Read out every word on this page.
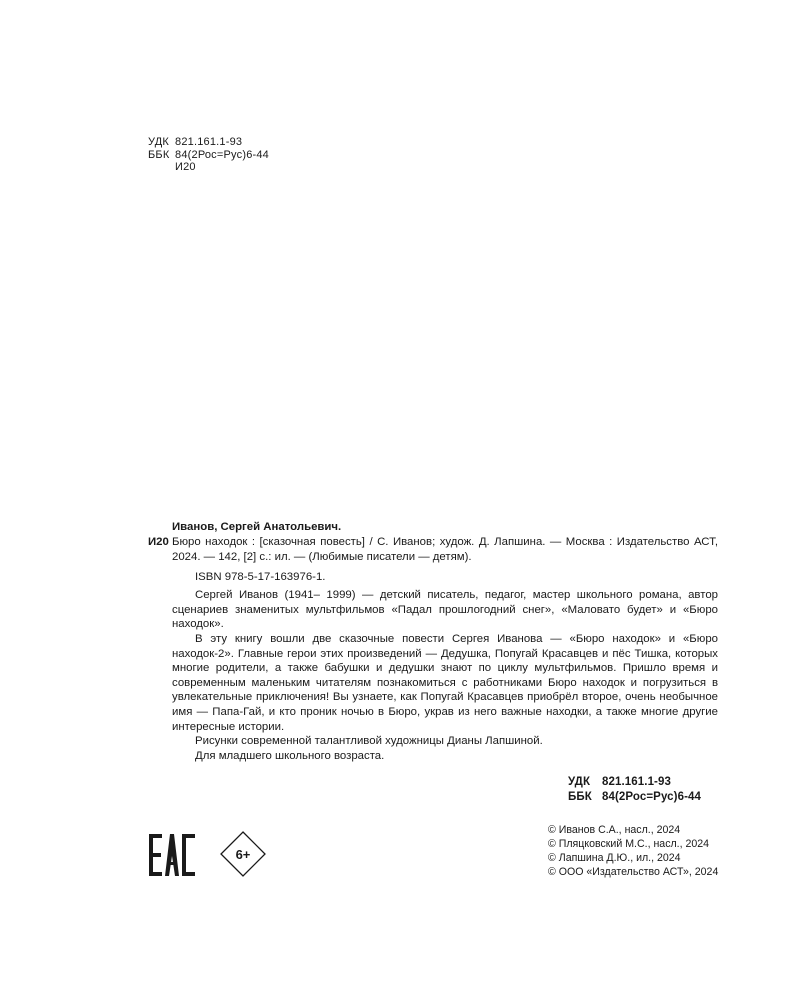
УДК 821.161.1-93
ББК 84(2Рос=Рус)6-44
И20
Иванов, Сергей Анатольевич.
И20 Бюро находок : [сказочная повесть] / С. Иванов; худож. Д. Лапшина. — Москва : Издательство АСТ, 2024. — 142, [2] с.: ил. — (Любимые писатели — детям).
ISBN 978-5-17-163976-1.
Сергей Иванов (1941– 1999) — детский писатель, педагог, мастер школьного романа, автор сценариев знаменитых мультфильмов «Падал прошлогодний снег», «Маловато будет» и «Бюро находок».
В эту книгу вошли две сказочные повести Сергея Иванова — «Бюро находок» и «Бюро находок-2». Главные герои этих произведений — Дедушка, Попугай Красавцев и пёс Тишка, которых многие родители, а также бабушки и дедушки знают по циклу мультфильмов. Пришло время и современным маленьким читателям познакомиться с работниками Бюро находок и погрузиться в увлекательные приключения! Вы узнаете, как Попугай Красавцев приобрёл второе, очень необычное имя — Папа-Гай, и кто проник ночью в Бюро, украв из него важные находки, а также многие другие интересные истории.
Рисунки современной талантливой художницы Дианы Лапшиной.
Для младшего школьного возраста.
УДК	821.161.1-93
ББК 84(2Рос=Рус)6-44
© Иванов С.А., насл., 2024
© Пляцковский М.С., насл., 2024
© Лапшина Д.Ю., ил., 2024
© ООО «Издательство АСТ», 2024
6+
